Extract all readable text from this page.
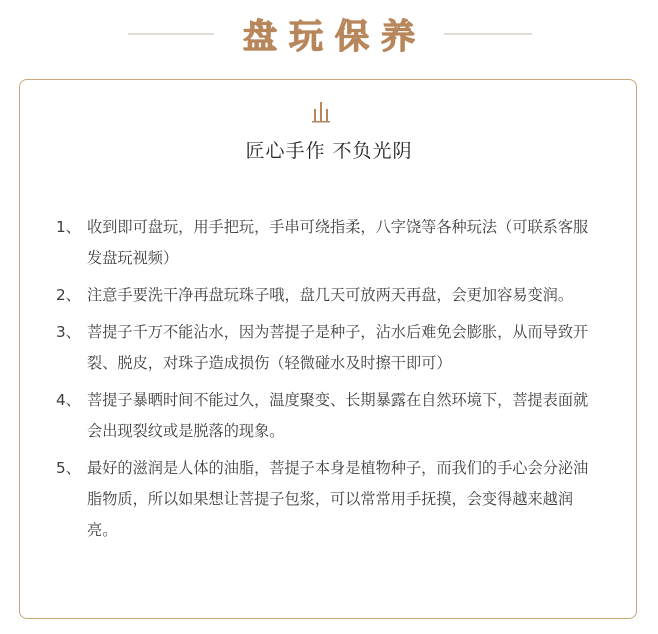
盘 玩 保 养
匠心手作 不负光阴
1、 收到即可盘玩，用手把玩，手串可绕指柔，八字饶等各种玩法（可联系客服发盘玩视频）
2、 注意手要洗干净再盘玩珠子哦，盘几天可放两天再盘，会更加容易变润。
3、 菩提子千万不能沾水，因为菩提子是种子，沾水后难免会膨胀，从而导致开裂、脱皮，对珠子造成损伤（轻微碰水及时擦干即可）
4、 菩提子暴晒时间不能过久，温度聚变、长期暴露在自然环境下，菩提表面就会出现裂纹或是脱落的现象。
5、 最好的滋润是人体的油脂，菩提子本身是植物种子，而我们的手心会分泌油脂物质，所以如果想让菩提子包浆，可以常常用手抚摸，会变得越来越润亮。
